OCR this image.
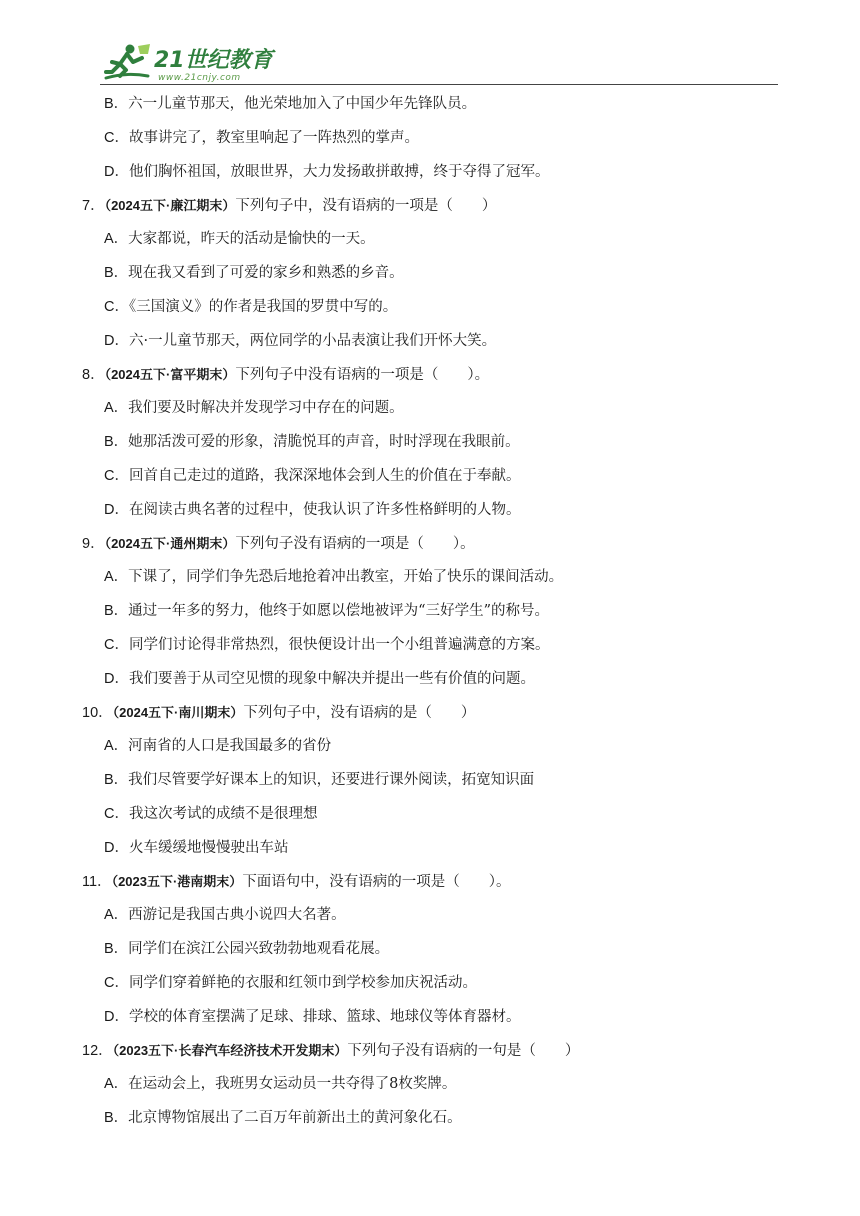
21世纪教育
www.21cnjy.com
B．六一儿童节那天，他光荣地加入了中国少年先锋队员。
C．故事讲完了，教室里响起了一阵热烈的掌声。
D．他们胸怀祖国，放眼世界，大力发扬敢拼敢搏，终于夺得了冠军。
7．（2024五下·廉江期末）下列句子中，没有语病的一项是（　　）
A．大家都说，昨天的活动是愉快的一天。
B．现在我又看到了可爱的家乡和熟悉的乡音。
C．《三国演义》的作者是我国的罗贯中写的。
D．六·一儿童节那天，两位同学的小品表演让我们开怀大笑。
8．（2024五下·富平期末）下列句子中没有语病的一项是（　　）。
A．我们要及时解决并发现学习中存在的问题。
B．她那活泼可爱的形象，清脆悦耳的声音，时时浮现在我眼前。
C．回首自己走过的道路，我深深地体会到人生的价值在于奉献。
D．在阅读古典名著的过程中，使我认识了许多性格鲜明的人物。
9．（2024五下·通州期末）下列句子没有语病的一项是（　　）。
A．下课了，同学们争先恐后地抢着冲出教室，开始了快乐的课间活动。
B．通过一年多的努力，他终于如愿以偿地被评为“三好学生”的称号。
C．同学们讨论得非常热烈，很快便设计出一个小组普遍满意的方案。
D．我们要善于从司空见惯的现象中解决并提出一些有价值的问题。
10．（2024五下·南川期末）下列句子中，没有语病的是（　　）
A．河南省的人口是我国最多的省份
B．我们尽管要学好课本上的知识，还要进行课外阅读，拓宽知识面
C．我这次考试的成绩不是很理想
D．火车缓缓地慢慢驶出车站
11．（2023五下·港南期末）下面语句中，没有语病的一项是（　　）。
A．西游记是我国古典小说四大名著。
B．同学们在滨江公园兴致勃勃地观看花展。
C．同学们穿着鲜艳的衣服和红领巾到学校参加庆祝活动。
D．学校的体育室摆满了足球、排球、篮球、地球仪等体育器材。
12．（2023五下·长春汽车经济技术开发期末）下列句子没有语病的一句是（　　）
A．在运动会上，我班男女运动员一共夺得了8枚奖牌。
B．北京博物馆展出了二百万年前新出土的黄河象化石。
